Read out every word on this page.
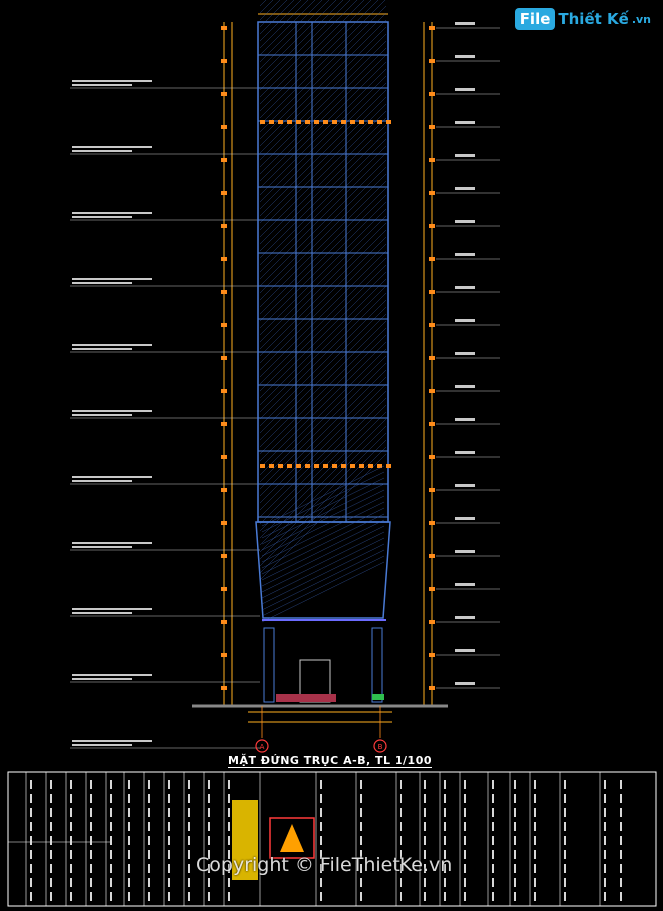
A	B
File Thiết Kế .vn
MẶT ĐỨNG TRỤC A-B, TL 1/100
Copyright © FileThietKe.vn
